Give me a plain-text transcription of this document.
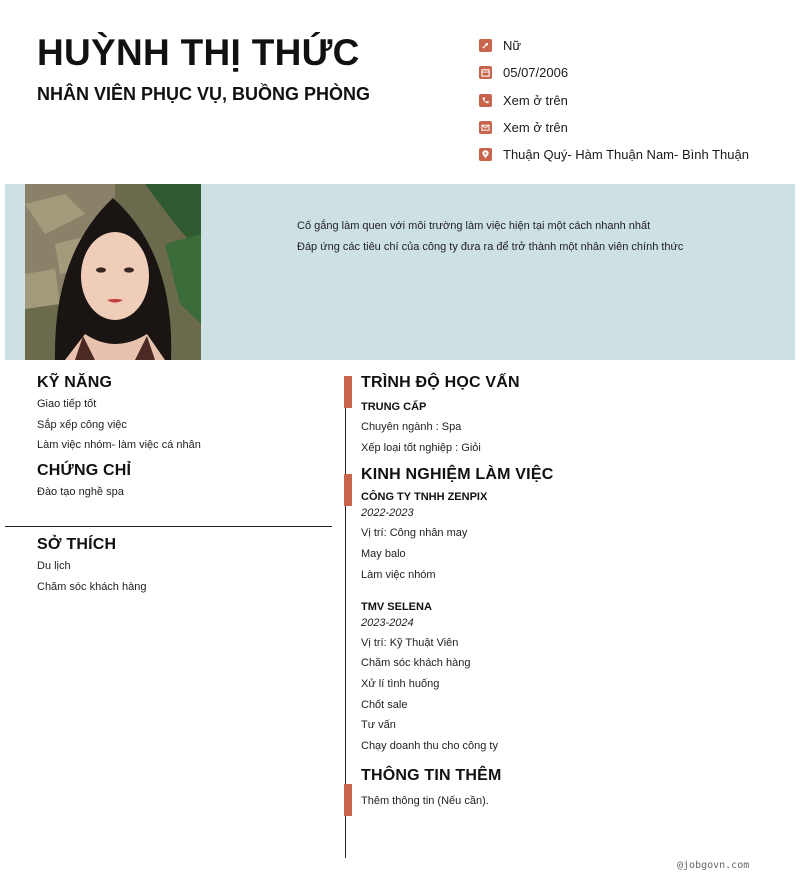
HUỲNH THỊ THỨC
NHÂN VIÊN PHỤC VỤ, BUỒNG PHÒNG
Nữ
05/07/2006
Xem ở trên
Xem ở trên
Thuận Quý- Hàm Thuận Nam- Bình Thuận

Cố gắng làm quen với môi trường làm việc hiện tại một cách nhanh nhất

Đáp ứng các tiêu chí của công ty đưa ra để trở thành một nhân viên chính thức

KỸ NĂNG
Giao tiếp tốt
Sắp xếp công việc
Làm việc nhóm- làm việc cá nhân
CHỨNG CHỈ
Đào tạo nghề spa
SỞ THÍCH
Du lịch
Chăm sóc khách hàng
TRÌNH ĐỘ HỌC VẤN
TRUNG CẤP
Chuyên ngành : Spa
Xếp loại tốt nghiệp : Giỏi
KINH NGHIỆM LÀM VIỆC
CÔNG TY TNHH ZENPIX
2022-2023
Vị trí: Công nhân may
May balo
Làm việc nhóm
TMV SELENA
2023-2024
Vị trí: Kỹ Thuật Viên
Chăm sóc khách hàng
Xử lí tình huống
Chốt sale
Tư vấn
Chạy doanh thu cho công ty
THÔNG TIN THÊM
Thêm thông tin (Nếu cần).
@jobgovn.com
